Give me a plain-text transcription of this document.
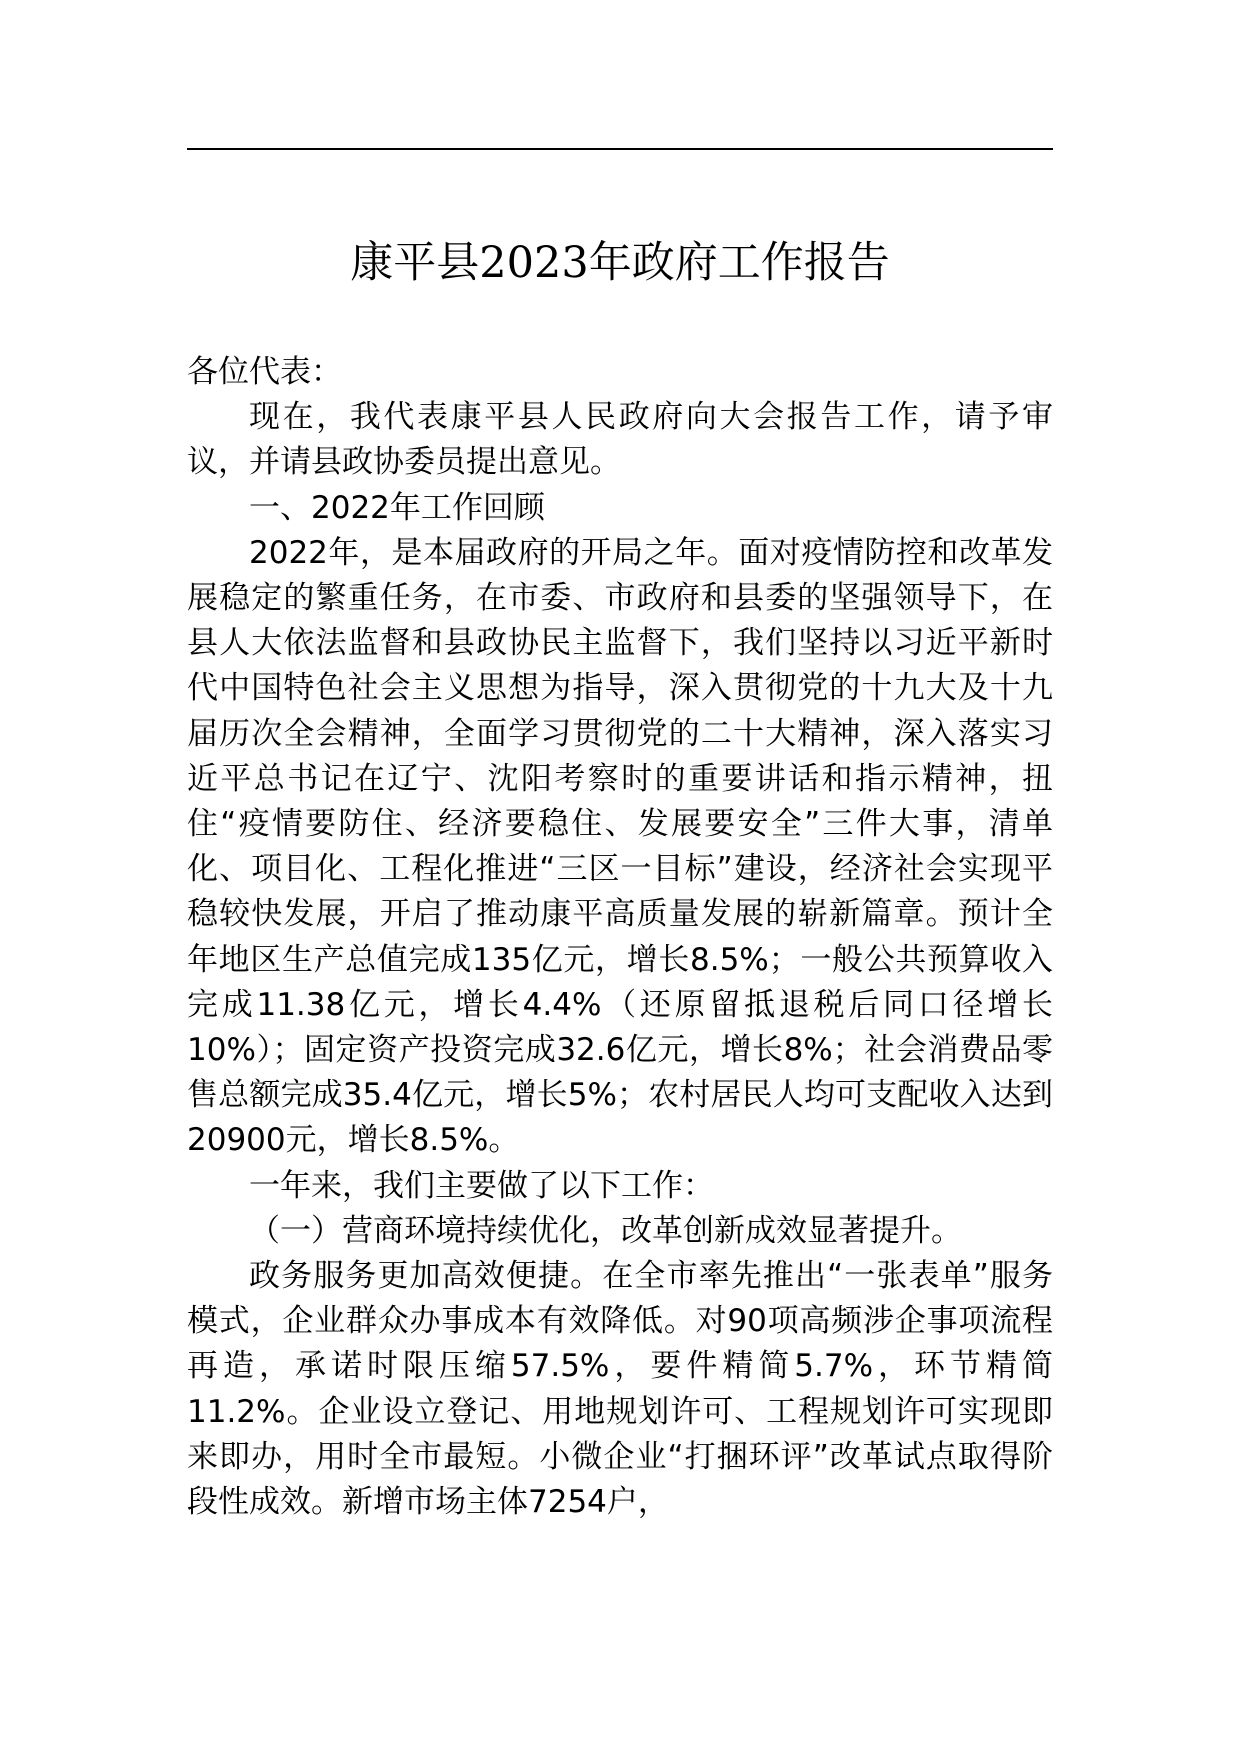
康平县2023年政府工作报告

各位代表：

现在，我代表康平县人民政府向大会报告工作，请予审议，并请县政协委员提出意见。

一、2022年工作回顾

2022年，是本届政府的开局之年。面对疫情防控和改革发展稳定的繁重任务，在市委、市政府和县委的坚强领导下，在县人大依法监督和县政协民主监督下，我们坚持以习近平新时代中国特色社会主义思想为指导，深入贯彻党的十九大及十九届历次全会精神，全面学习贯彻党的二十大精神，深入落实习近平总书记在辽宁、沈阳考察时的重要讲话和指示精神，扭住“疫情要防住、经济要稳住、发展要安全”三件大事，清单化、项目化、工程化推进“三区一目标”建设，经济社会实现平稳较快发展，开启了推动康平高质量发展的崭新篇章。预计全年地区生产总值完成135亿元，增长8.5%；一般公共预算收入完成11.38亿元，增长4.4%（还原留抵退税后同口径增长10%）；固定资产投资完成32.6亿元，增长8%；社会消费品零售总额完成35.4亿元，增长5%；农村居民人均可支配收入达到20900元，增长8.5%。

一年来，我们主要做了以下工作：

（一）营商环境持续优化，改革创新成效显著提升。

政务服务更加高效便捷。在全市率先推出“一张表单”服务模式，企业群众办事成本有效降低。对90项高频涉企事项流程再造，承诺时限压缩57.5%，要件精简5.7%，环节精简11.2%。企业设立登记、用地规划许可、工程规划许可实现即来即办，用时全市最短。小微企业“打捆环评”改革试点取得阶段性成效。新增市场主体7254户，
